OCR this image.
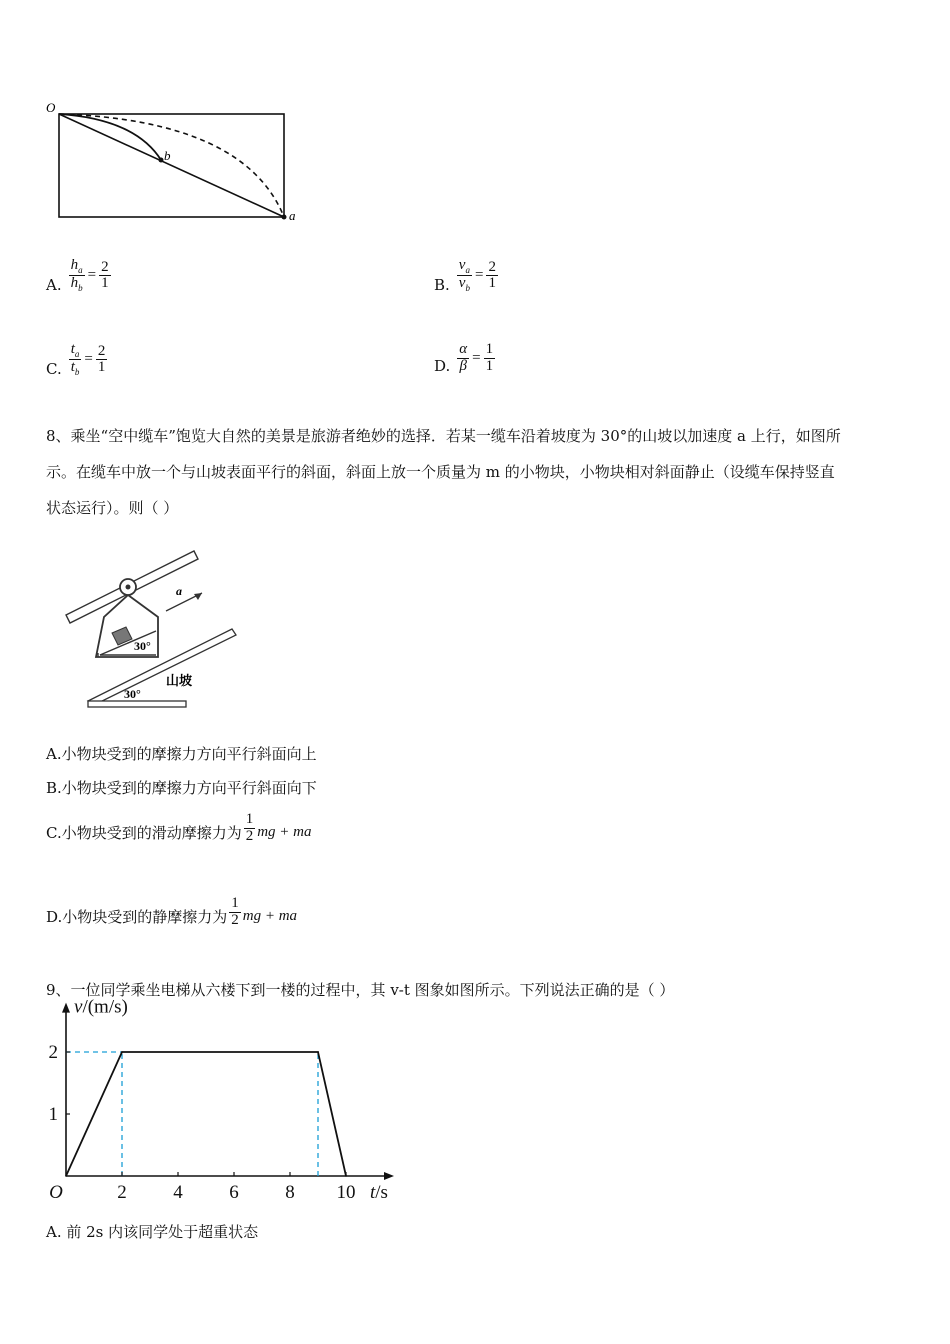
O
b
a
A. $\frac{h_a}{h_b} = \frac{2}{1}$	B. $\frac{v_a}{v_b} = \frac{2}{1}$
C. $\frac{t_a}{t_b} = \frac{2}{1}$	D. $\frac{\alpha}{\beta} = \frac{1}{1}$
8、乘坐“空中缆车”饱览大自然的美景是旅游者绝妙的选择．若某一缆车沿着坡度为 30°的山坡以加速度 a 上行，如图所
示。在缆车中放一个与山坡表面平行的斜面，斜面上放一个质量为 m 的小物块，小物块相对斜面静止（设缆车保持竖直
状态运行）。则（ ）
30°
a
30°
山坡
A.小物块受到的摩擦力方向平行斜面向上
B.小物块受到的摩擦力方向平行斜面向下
C.小物块受到的滑动摩擦力为 $\frac{1}{2}$ mg + ma
D.小物块受到的静摩擦力为 $\frac{1}{2}$ mg + ma
9、一位同学乘坐电梯从六楼下到一楼的过程中，其 v-t 图象如图所示。下列说法正确的是（ ）
2 4 6 8 10
1
2
O
v/(m/s)
t/s
A. 前 2s 内该同学处于超重状态
